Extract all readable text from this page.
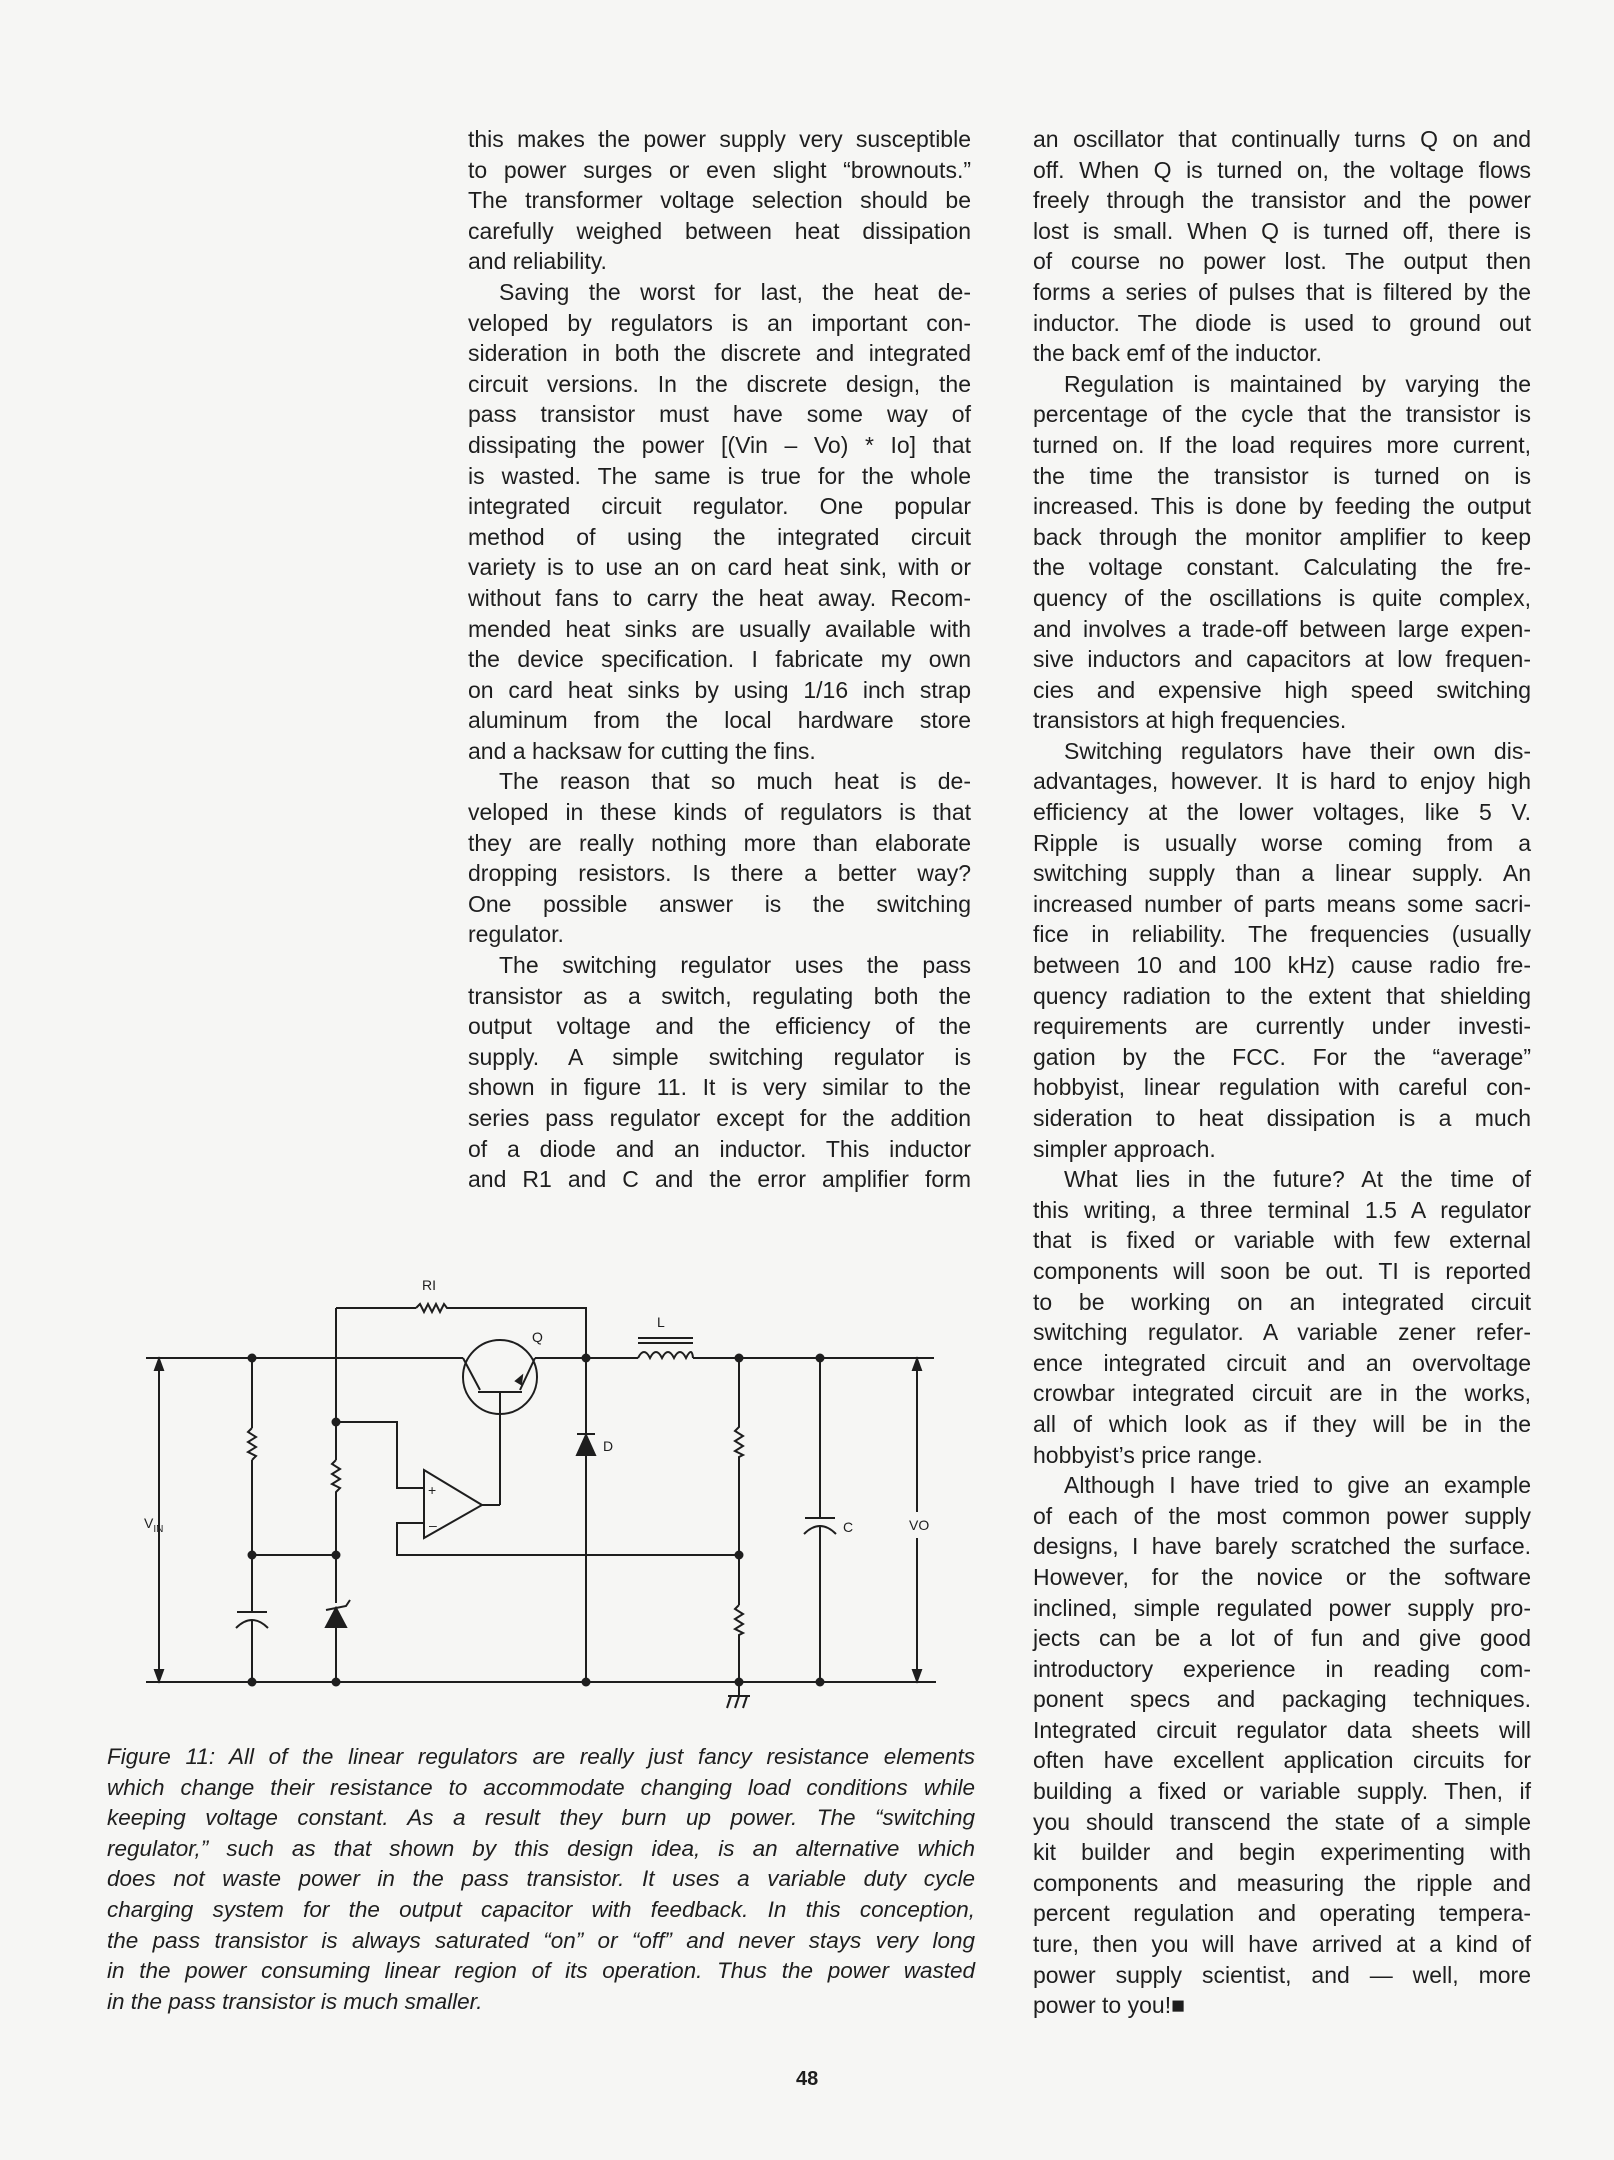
this makes the power supply very susceptible
to power surges or even slight “brownouts.”
The transformer voltage selection should be
carefully weighed between heat dissipation
and reliability.
Saving the worst for last, the heat de-
veloped by regulators is an important con-
sideration in both the discrete and integrated
circuit versions. In the discrete design, the
pass transistor must have some way of
dissipating the power [(Vin – Vo) * Io] that
is wasted. The same is true for the whole
integrated circuit regulator. One popular
method of using the integrated circuit
variety is to use an on card heat sink, with or
without fans to carry the heat away. Recom-
mended heat sinks are usually available with
the device specification. I fabricate my own
on card heat sinks by using 1/16 inch strap
aluminum from the local hardware store
and a hacksaw for cutting the fins.
The reason that so much heat is de-
veloped in these kinds of regulators is that
they are really nothing more than elaborate
dropping resistors. Is there a better way?
One possible answer is the switching
regulator.
The switching regulator uses the pass
transistor as a switch, regulating both the
output voltage and the efficiency of the
supply. A simple switching regulator is
shown in figure 11. It is very similar to the
series pass regulator except for the addition
of a diode and an inductor. This inductor
and R1 and C and the error amplifier form
an oscillator that continually turns Q on and
off. When Q is turned on, the voltage flows
freely through the transistor and the power
lost is small. When Q is turned off, there is
of course no power lost. The output then
forms a series of pulses that is filtered by the
inductor. The diode is used to ground out
the back emf of the inductor.
Regulation is maintained by varying the
percentage of the cycle that the transistor is
turned on. If the load requires more current,
the time the transistor is turned on is
increased. This is done by feeding the output
back through the monitor amplifier to keep
the voltage constant. Calculating the fre-
quency of the oscillations is quite complex,
and involves a trade-off between large expen-
sive inductors and capacitors at low frequen-
cies and expensive high speed switching
transistors at high frequencies.
Switching regulators have their own dis-
advantages, however. It is hard to enjoy high
efficiency at the lower voltages, like 5 V.
Ripple is usually worse coming from a
switching supply than a linear supply. An
increased number of parts means some sacri-
fice in reliability. The frequencies (usually
between 10 and 100 kHz) cause radio fre-
quency radiation to the extent that shielding
requirements are currently under investi-
gation by the FCC. For the “average”
hobbyist, linear regulation with careful con-
sideration to heat dissipation is a much
simpler approach.
What lies in the future? At the time of
this writing, a three terminal 1.5 A regulator
that is fixed or variable with few external
components will soon be out. TI is reported
to be working on an integrated circuit
switching regulator. A variable zener refer-
ence integrated circuit and an overvoltage
crowbar integrated circuit are in the works,
all of which look as if they will be in the
hobbyist’s price range.
Although I have tried to give an example
of each of the most common power supply
designs, I have barely scratched the surface.
However, for the novice or the software
inclined, simple regulated power supply pro-
jects can be a lot of fun and give good
introductory experience in reading com-
ponent specs and packaging techniques.
Integrated circuit regulator data sheets will
often have excellent application circuits for
building a fixed or variable supply. Then, if
you should transcend the state of a simple
kit builder and begin experimenting with
components and measuring the ripple and
percent regulation and operating tempera-
ture, then you will have arrived at a kind of
power supply scientist, and — well, more
power to you!■
$V_{IN}$
RI
Q
+
–
D
L
C	VO
Figure 11: All of the linear regulators are really just fancy resistance elements
which change their resistance to accommodate changing load conditions while
keeping voltage constant. As a result they burn up power. The “switching
regulator,” such as that shown by this design idea, is an alternative which
does not waste power in the pass transistor. It uses a variable duty cycle
charging system for the output capacitor with feedback. In this conception,
the pass transistor is always saturated “on” or “off” and never stays very long
in the power consuming linear region of its operation. Thus the power wasted
in the pass transistor is much smaller.
48
